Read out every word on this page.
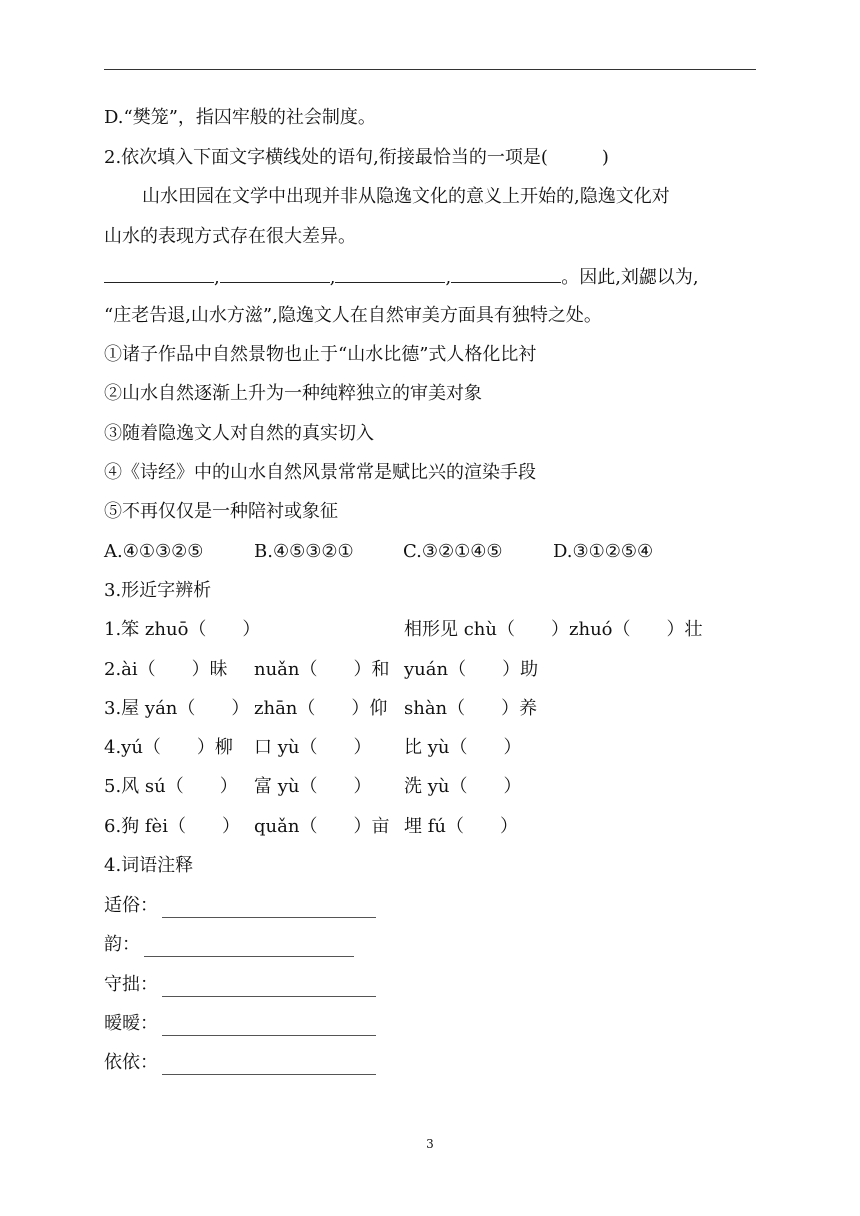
D.“樊笼”，指囚牢般的社会制度。
2.依次填入下面文字横线处的语句,衔接最恰当的一项是(　　　)
山水田园在文学中出现并非从隐逸文化的意义上开始的,隐逸文化对
山水的表现方式存在很大差异。
,	,	,	。因此,刘勰以为,
“庄老告退,山水方滋”,隐逸文人在自然审美方面具有独特之处。
①诸子作品中自然景物也止于“山水比德”式人格化比衬
②山水自然逐渐上升为一种纯粹独立的审美对象
③随着隐逸文人对自然的真实切入
④《诗经》中的山水自然风景常常是赋比兴的渲染手段
⑤不再仅仅是一种陪衬或象征
A.④①③②⑤	B.④⑤③②①	C.③②①④⑤	D.③①②⑤④
3.形近字辨析
1.笨 zhuō（　　）	相形见 chù（　　）zhuó（　　）壮
2.ài（　　）昧 nuǎn（　　）和 yuán（　　）助
3.屋 yán（　　） zhān（　　）仰 shàn（　　）养
4.yú（　　）柳 口 yù（　　） 比 yù（　　）
5.风 sú（　　） 富 yù（　　） 洗 yù（　　）
6.狗 fèi（　　） quǎn（　　）亩 埋 fú（　　）
4.词语注释
适俗：
韵：
守拙：
暧暧：
依依：
3
